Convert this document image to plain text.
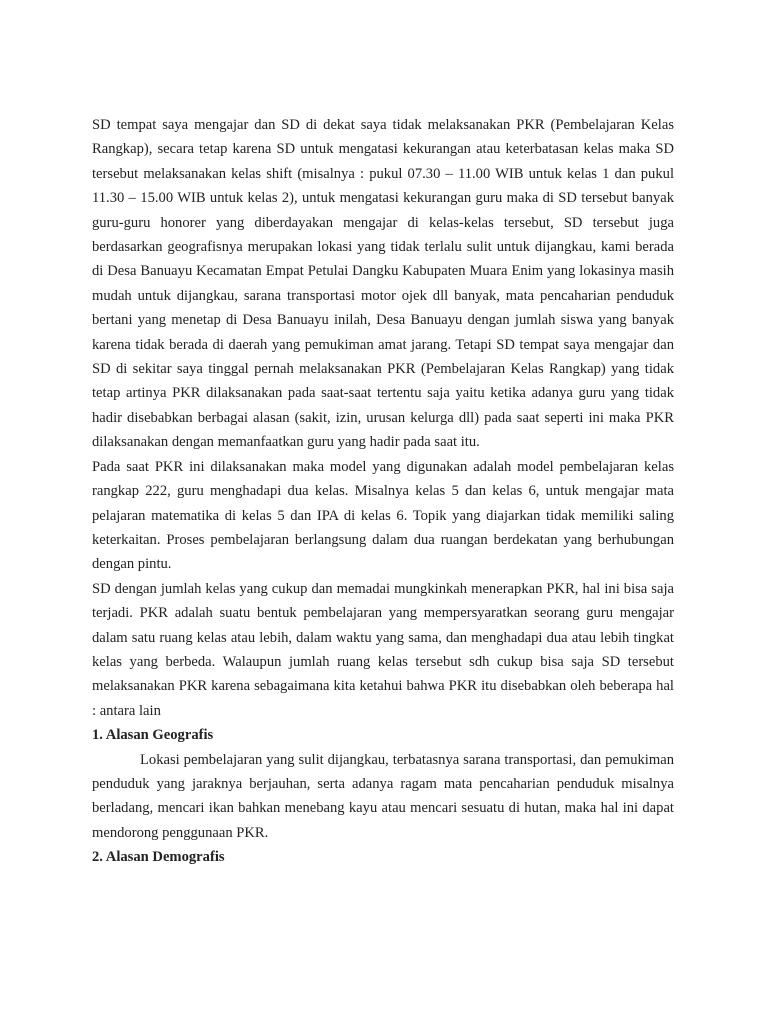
SD tempat saya mengajar dan SD di dekat saya tidak melaksanakan PKR (Pembelajaran Kelas Rangkap), secara tetap karena SD untuk mengatasi kekurangan atau keterbatasan kelas maka SD tersebut melaksanakan kelas shift (misalnya : pukul 07.30 – 11.00 WIB untuk kelas 1 dan pukul 11.30 – 15.00 WIB untuk kelas 2), untuk mengatasi kekurangan guru maka di SD tersebut banyak guru-guru honorer yang diberdayakan mengajar di kelas-kelas tersebut, SD tersebut juga berdasarkan geografisnya merupakan lokasi yang tidak terlalu sulit untuk dijangkau, kami berada di Desa Banuayu Kecamatan Empat Petulai Dangku Kabupaten Muara Enim yang lokasinya masih mudah untuk dijangkau, sarana transportasi motor ojek dll banyak, mata pencaharian penduduk bertani yang menetap di Desa Banuayu inilah, Desa Banuayu dengan jumlah siswa yang banyak karena tidak berada di daerah yang pemukiman amat jarang. Tetapi SD tempat saya mengajar dan SD di sekitar saya tinggal pernah melaksanakan PKR (Pembelajaran Kelas Rangkap) yang tidak tetap artinya PKR dilaksanakan pada saat-saat tertentu saja yaitu ketika adanya guru yang tidak hadir disebabkan berbagai alasan (sakit, izin, urusan kelurga dll) pada saat seperti ini maka PKR dilaksanakan dengan memanfaatkan guru yang hadir pada saat itu.

Pada saat PKR ini dilaksanakan maka model yang digunakan adalah model pembelajaran kelas rangkap 222, guru menghadapi dua kelas. Misalnya kelas 5 dan kelas 6, untuk mengajar mata pelajaran matematika di kelas 5 dan IPA di kelas 6. Topik yang diajarkan tidak memiliki saling keterkaitan. Proses pembelajaran berlangsung dalam dua ruangan berdekatan yang berhubungan dengan pintu.

SD dengan jumlah kelas yang cukup dan memadai mungkinkah menerapkan PKR, hal ini bisa saja terjadi. PKR adalah suatu bentuk pembelajaran yang mempersyaratkan seorang guru mengajar dalam satu ruang kelas atau lebih, dalam waktu yang sama, dan menghadapi dua atau lebih tingkat kelas yang berbeda. Walaupun jumlah ruang kelas tersebut sdh cukup bisa saja SD tersebut melaksanakan PKR karena sebagaimana kita ketahui bahwa PKR itu disebabkan oleh beberapa hal : antara lain

1. Alasan Geografis

Lokasi pembelajaran yang sulit dijangkau, terbatasnya sarana transportasi, dan pemukiman penduduk yang jaraknya berjauhan, serta adanya ragam mata pencaharian penduduk misalnya berladang, mencari ikan bahkan menebang kayu atau mencari sesuatu di hutan, maka hal ini dapat mendorong penggunaan PKR.

2. Alasan Demografis
